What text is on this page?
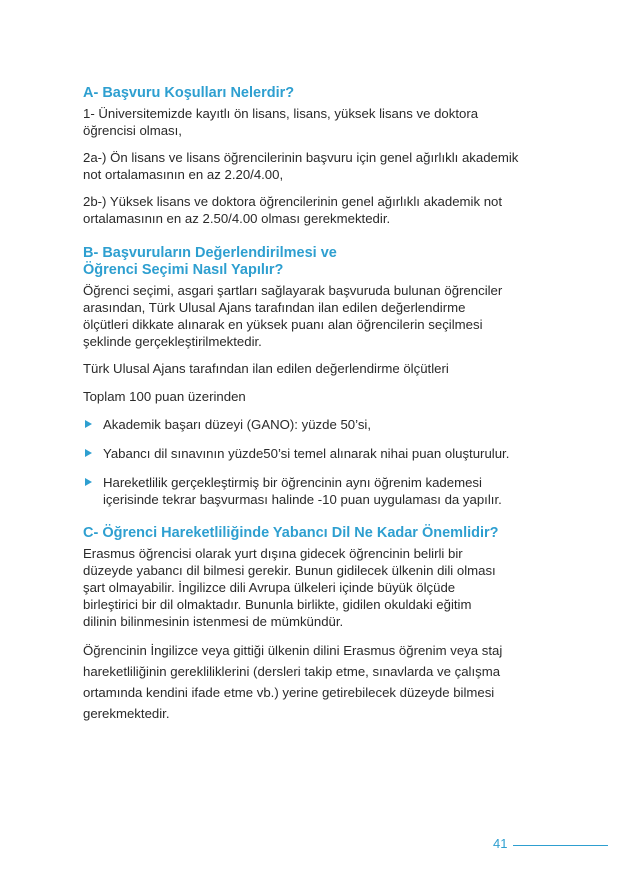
A- Başvuru Koşulları Nelerdir?
1- Üniversitemizde kayıtlı ön lisans, lisans, yüksek lisans ve doktora
öğrencisi olması,
2a-) Ön lisans ve lisans öğrencilerinin başvuru için genel ağırlıklı akademik
not ortalamasının en az 2.20/4.00,
2b-) Yüksek lisans ve doktora öğrencilerinin genel ağırlıklı akademik not
ortalamasının en az 2.50/4.00 olması gerekmektedir.
B- Başvuruların Değerlendirilmesi ve
Öğrenci Seçimi Nasıl Yapılır?
Öğrenci seçimi, asgari şartları sağlayarak başvuruda bulunan öğrenciler
arasından, Türk Ulusal Ajans tarafından ilan edilen değerlendirme
ölçütleri dikkate alınarak en yüksek puanı alan öğrencilerin seçilmesi
şeklinde gerçekleştirilmektedir.
Türk Ulusal Ajans tarafından ilan edilen değerlendirme ölçütleri
Toplam 100 puan üzerinden
Akademik başarı düzeyi (GANO): yüzde 50’si,
Yabancı dil sınavının yüzde50’si temel alınarak nihai puan oluşturulur.
Hareketlilik gerçekleştirmiş bir öğrencinin aynı öğrenim kademesi
içerisinde tekrar başvurması halinde -10 puan uygulaması da yapılır.
C- Öğrenci Hareketliliğinde Yabancı Dil Ne Kadar Önemlidir?
Erasmus öğrencisi olarak yurt dışına gidecek öğrencinin belirli bir
düzeyde yabancı dil bilmesi gerekir. Bunun gidilecek ülkenin dili olması
şart olmayabilir. İngilizce dili Avrupa ülkeleri içinde büyük ölçüde
birleştirici bir dil olmaktadır. Bununla birlikte, gidilen okuldaki eğitim
dilinin bilinmesinin istenmesi de mümkündür.
Öğrencinin İngilizce veya gittiği ülkenin dilini Erasmus öğrenim veya staj
hareketliliğinin gerekliliklerini (dersleri takip etme, sınavlarda ve çalışma
ortamında kendini ifade etme vb.) yerine getirebilecek düzeyde bilmesi
gerekmektedir.
41
